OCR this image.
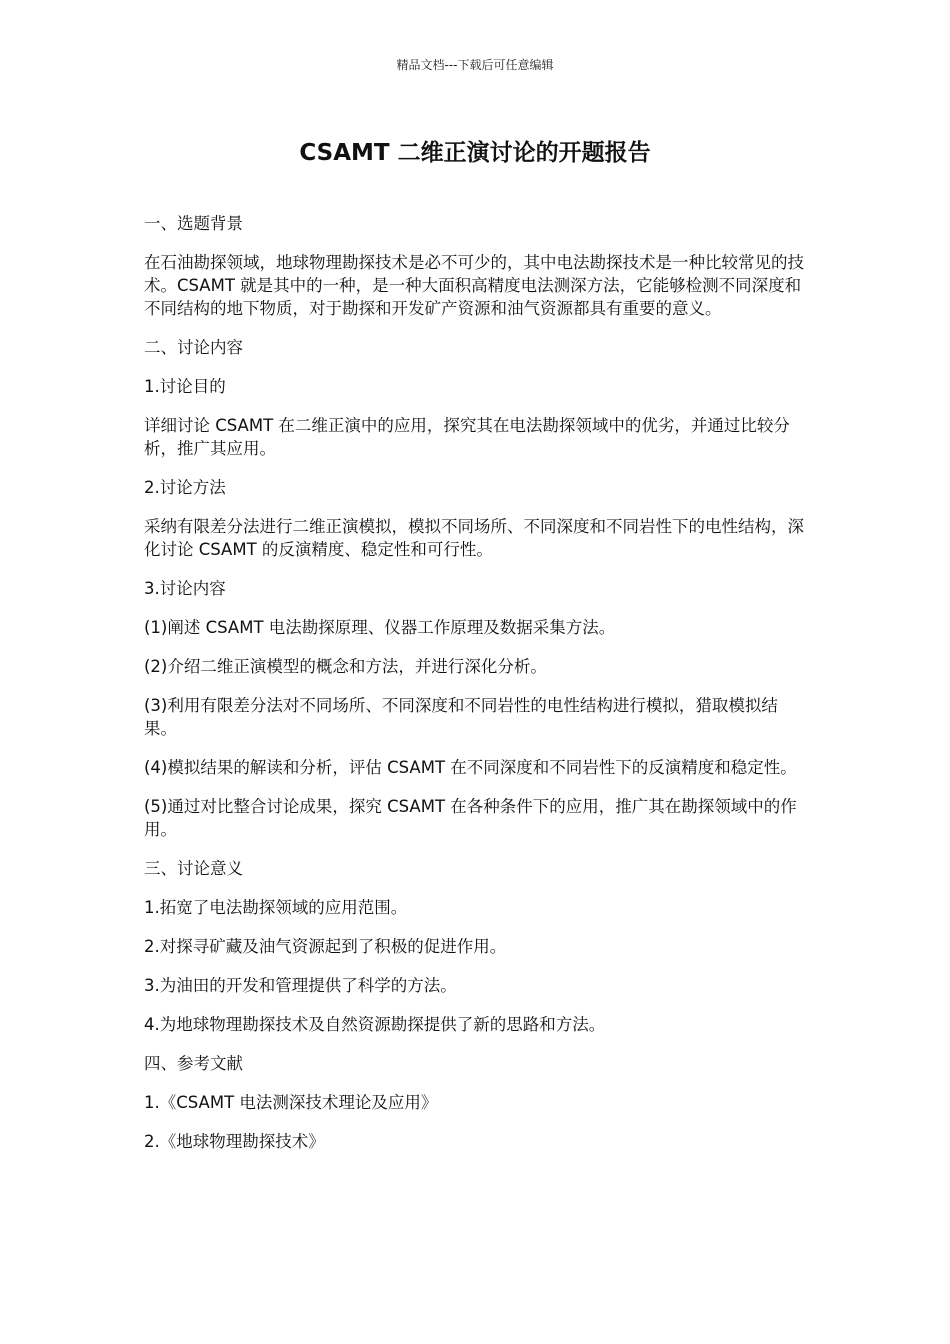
精品文档---下载后可任意编辑
CSAMT 二维正演讨论的开题报告

一、选题背景

在石油勘探领域，地球物理勘探技术是必不可少的，其中电法勘探技术是一种比较常见的技术。CSAMT 就是其中的一种，是一种大面积高精度电法测深方法，它能够检测不同深度和不同结构的地下物质，对于勘探和开发矿产资源和油气资源都具有重要的意义。

二、讨论内容

1.讨论目的

详细讨论 CSAMT 在二维正演中的应用，探究其在电法勘探领域中的优劣，并通过比较分析，推广其应用。

2.讨论方法

采纳有限差分法进行二维正演模拟，模拟不同场所、不同深度和不同岩性下的电性结构，深化讨论 CSAMT 的反演精度、稳定性和可行性。

3.讨论内容

(1)阐述 CSAMT 电法勘探原理、仪器工作原理及数据采集方法。

(2)介绍二维正演模型的概念和方法，并进行深化分析。

(3)利用有限差分法对不同场所、不同深度和不同岩性的电性结构进行模拟，猎取模拟结果。

(4)模拟结果的解读和分析，评估 CSAMT 在不同深度和不同岩性下的反演精度和稳定性。

(5)通过对比整合讨论成果，探究 CSAMT 在各种条件下的应用，推广其在勘探领域中的作用。

三、讨论意义

1.拓宽了电法勘探领域的应用范围。

2.对探寻矿藏及油气资源起到了积极的促进作用。

3.为油田的开发和管理提供了科学的方法。

4.为地球物理勘探技术及自然资源勘探提供了新的思路和方法。

四、参考文献

1.《CSAMT 电法测深技术理论及应用》

2.《地球物理勘探技术》
